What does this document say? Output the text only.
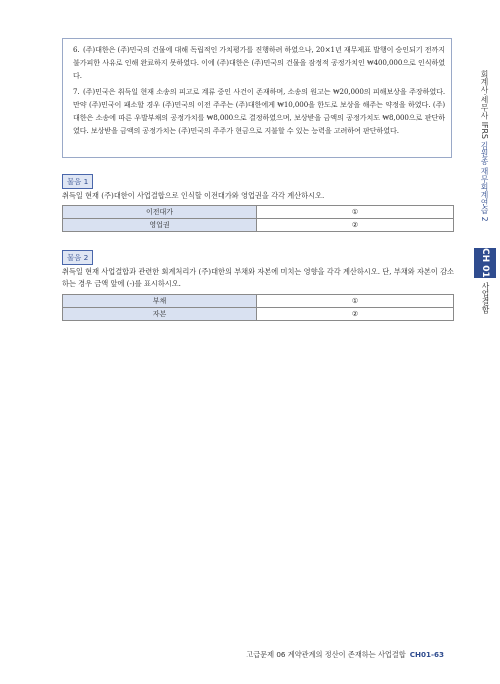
6. (주)대한은 (주)민국의 건물에 대해 독립적인 가치평가를 진행하려 하였으나, 20×1년 재무제표 발행이 승인되기 전까지 불가피한 사유로 인해 완료하지 못하였다. 이에 (주)대한은 (주)민국의 건물을 잠정적 공정가치인 ₩400,000으로 인식하였다.
7. (주)민국은 취득일 현재 소송의 피고로 계류 중인 사건이 존재하며, 소송의 원고는 ₩20,000의 피해보상을 주장하였다. 만약 (주)민국이 패소할 경우 (주)민국의 이전 주주는 (주)대한에게 ₩10,000을 한도로 보상을 해주는 약정을 하였다. (주)대한은 소송에 따른 우발부채의 공정가치를 ₩8,000으로 결정하였으며, 보상받을 금액의 공정가치도 ₩8,000으로 판단하였다. 보상받을 금액의 공정가치는 (주)민국의 주주가 현금으로 지불할 수 있는 능력을 고려하여 판단하였다.
물음 1
취득일 현재 (주)대한이 사업결합으로 인식할 이전대가와 영업권을 각각 계산하시오.
이전대가	①
영업권	②
물음 2
취득일 현재 사업결합과 관련한 회계처리가 (주)대한의 부채와 자본에 미치는 영향을 각각 계산하시오. 단, 부채와 자본이 감소하는 경우 금액 앞에 (-)를 표시하시오.
부채	①
자본	②
회계사·세무사 IFRS 김원종 재무회계연습 2
CH 01
사업결합
고급문제 06 계약관계의 정산이 존재하는 사업결합 CH01-63
